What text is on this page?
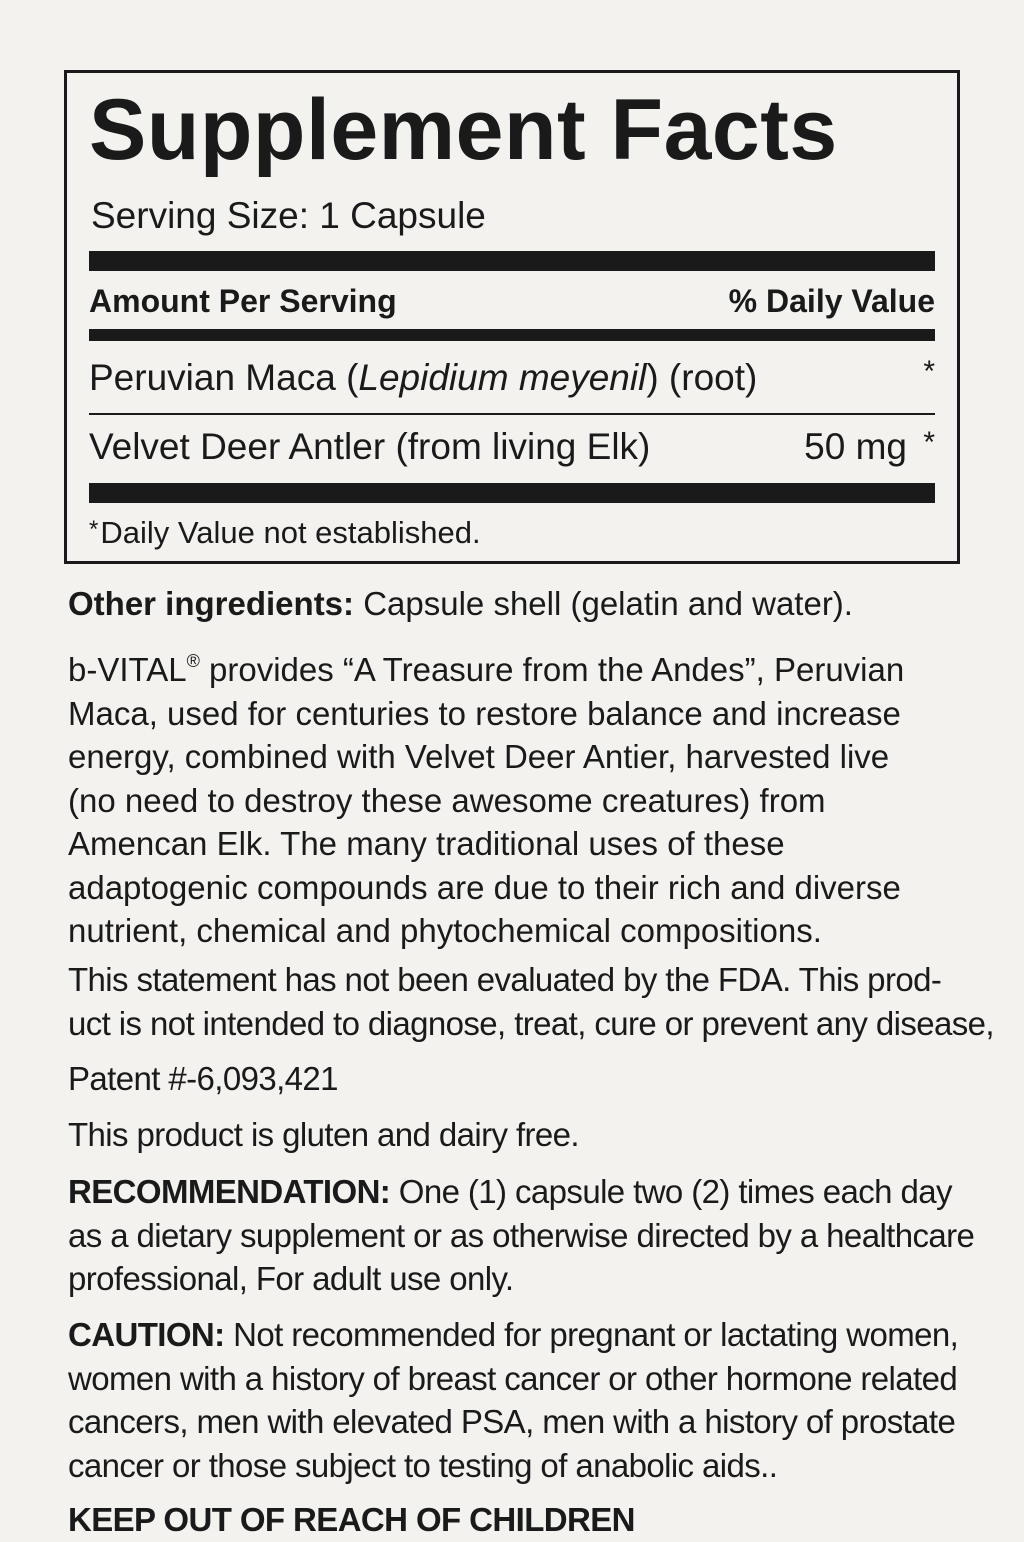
Supplement Facts
Serving Size: 1 Capsule
Amount Per Serving	% Daily Value
Peruvian Maca (Lepidium meyenil) (root)	*
Velvet Deer Antler (from living Elk)	50 mg *
*Daily Value not established.
Other ingredients: Capsule shell (gelatin and water).
b-VITAL® provides “A Treasure from the Andes”, Peruvian
Maca, used for centuries to restore balance and increase
energy, combined with Velvet Deer Antier, harvested live
(no need to destroy these awesome creatures) from
Amencan Elk. The many traditional uses of these
adaptogenic compounds are due to their rich and diverse
nutrient, chemical and phytochemical compositions.
This statement has not been evaluated by the FDA. This prod-
uct is not intended to diagnose, treat, cure or prevent any disease,
Patent #-6,093,421
This product is gluten and dairy free.
RECOMMENDATION: One (1) capsule two (2) times each day
as a dietary supplement or as otherwise directed by a healthcare
professional, For adult use only.
CAUTION: Not recommended for pregnant or lactating women,
women with a history of breast cancer or other hormone related
cancers, men with elevated PSA, men with a history of prostate
cancer or those subject to testing of anabolic aids..
KEEP OUT OF REACH OF CHILDREN
